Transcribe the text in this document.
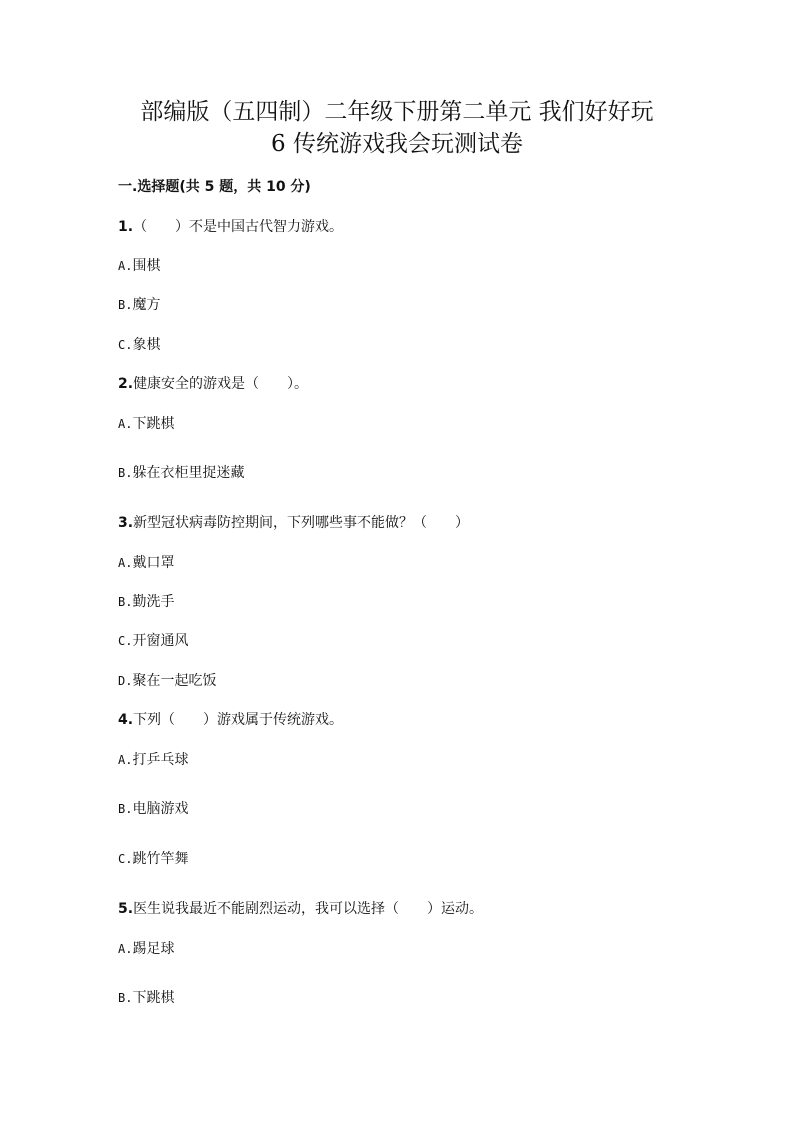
部编版（五四制）二年级下册第二单元 我们好好玩
6 传统游戏我会玩测试卷
一.选择题(共 5 题，共 10 分)
1.（　　）不是中国古代智力游戏。
A.围棋
B.魔方
C.象棋
2.健康安全的游戏是（　　）。
A.下跳棋
B.躲在衣柜里捉迷藏
3.新型冠状病毒防控期间，下列哪些事不能做？（　　）
A.戴口罩
B.勤洗手
C.开窗通风
D.聚在一起吃饭
4.下列（　　）游戏属于传统游戏。
A.打乒乓球
B.电脑游戏
C.跳竹竿舞
5.医生说我最近不能剧烈运动，我可以选择（　　）运动。
A.踢足球
B.下跳棋
